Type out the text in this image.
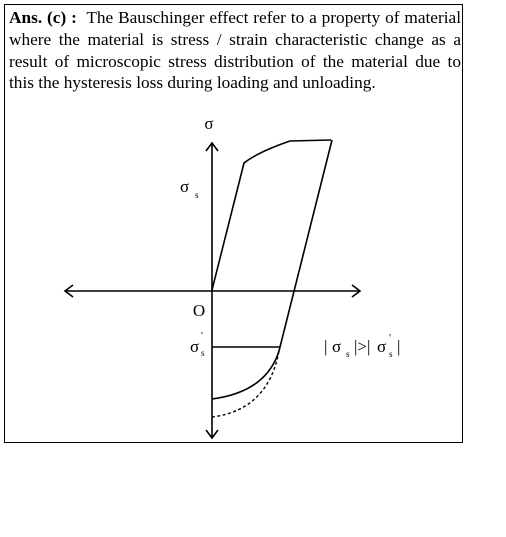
Ans. (c) : The Bauschinger effect refer to a property of material where the material is stress / strain characteristic change as a result of microscopic stress distribution of the material due to this the hysteresis loss during loading and unloading.

σ
O
σ s
σ
'
s	| σ s |>| σ '
s |
